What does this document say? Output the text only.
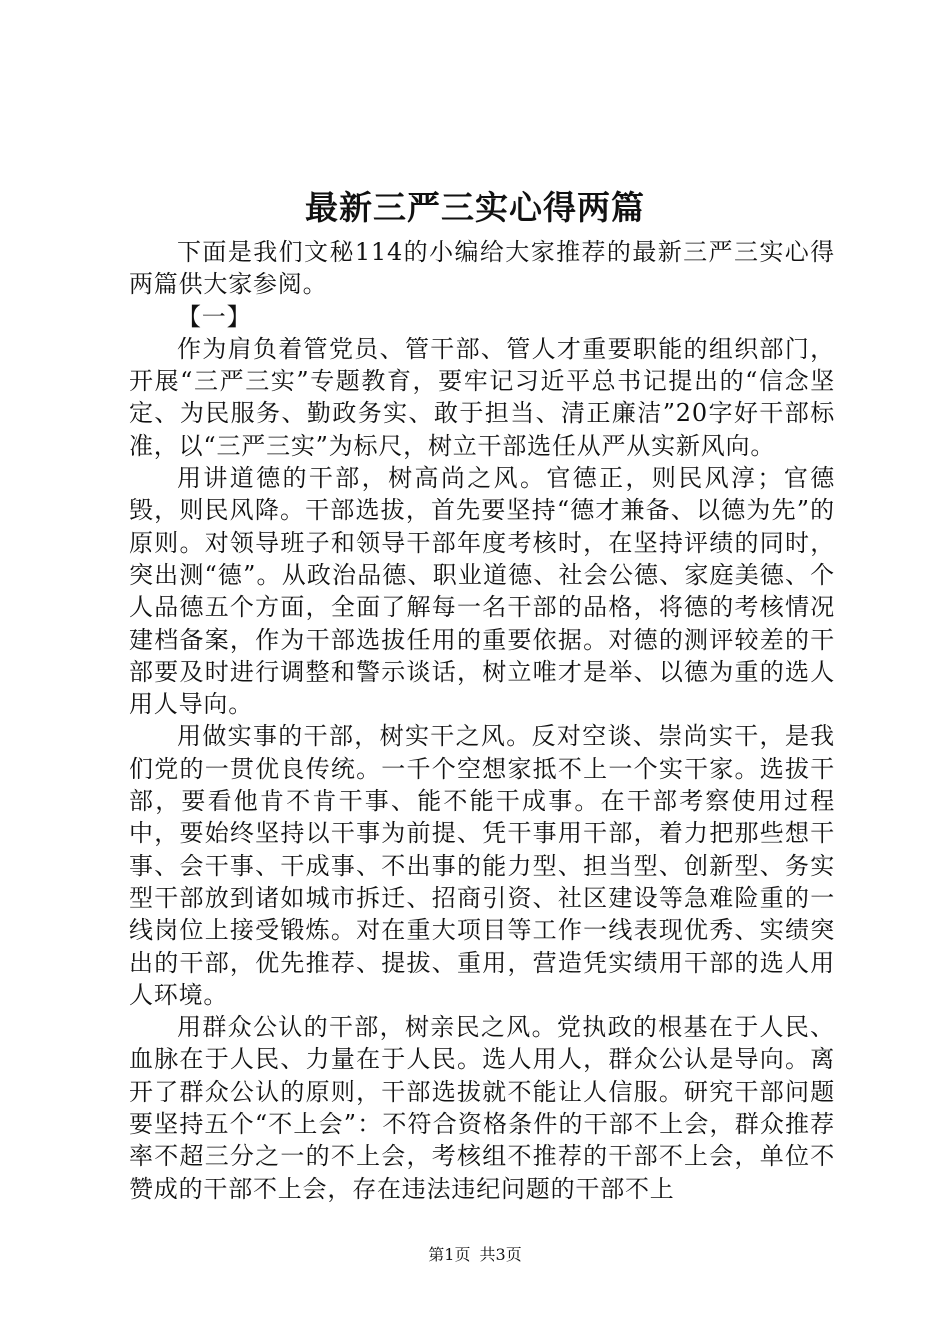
最新三严三实心得两篇

下面是我们文秘114的小编给大家推荐的最新三严三实心得两篇供大家参阅。

【一】

作为肩负着管党员、管干部、管人才重要职能的组织部门，开展“三严三实”专题教育，要牢记习近平总书记提出的“信念坚定、为民服务、勤政务实、敢于担当、清正廉洁”20字好干部标准，以“三严三实”为标尺，树立干部选任从严从实新风向。

用讲道德的干部，树高尚之风。官德正，则民风淳；官德毁，则民风降。干部选拔，首先要坚持“德才兼备、以德为先”的原则。对领导班子和领导干部年度考核时，在坚持评绩的同时，突出测“德”。从政治品德、职业道德、社会公德、家庭美德、个人品德五个方面，全面了解每一名干部的品格，将德的考核情况建档备案，作为干部选拔任用的重要依据。对德的测评较差的干部要及时进行调整和警示谈话，树立唯才是举、以德为重的选人用人导向。

用做实事的干部，树实干之风。反对空谈、崇尚实干，是我们党的一贯优良传统。一千个空想家抵不上一个实干家。选拔干部，要看他肯不肯干事、能不能干成事。在干部考察使用过程中，要始终坚持以干事为前提、凭干事用干部，着力把那些想干事、会干事、干成事、不出事的能力型、担当型、创新型、务实型干部放到诸如城市拆迁、招商引资、社区建设等急难险重的一线岗位上接受锻炼。对在重大项目等工作一线表现优秀、实绩突出的干部，优先推荐、提拔、重用，营造凭实绩用干部的选人用人环境。

用群众公认的干部，树亲民之风。党执政的根基在于人民、血脉在于人民、力量在于人民。选人用人，群众公认是导向。离开了群众公认的原则，干部选拔就不能让人信服。研究干部问题要坚持五个“不上会”：不符合资格条件的干部不上会，群众推荐率不超三分之一的不上会，考核组不推荐的干部不上会，单位不赞成的干部不上会，存在违法违纪问题的干部不上

第1页 共3页
